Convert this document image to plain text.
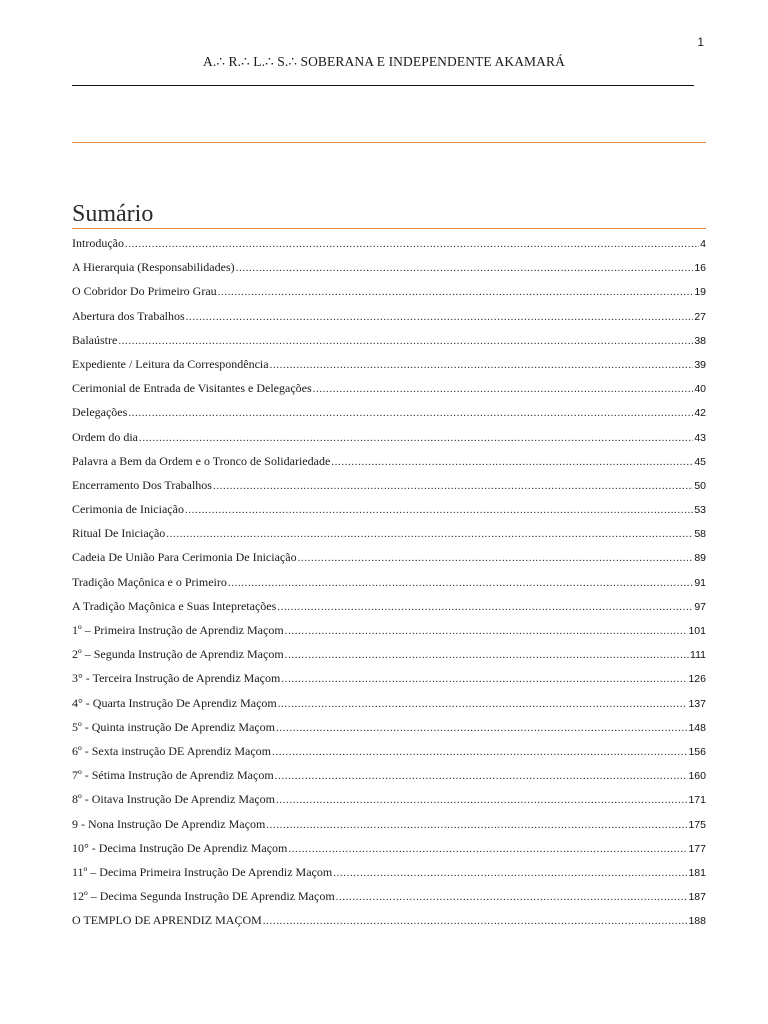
1
A.∴ R.∴ L.∴ S.∴ SOBERANA E INDEPENDENTE AKAMARÁ
Sumário
Introdução .....	4
A Hierarquia (Responsabilidades) .....	16
O Cobridor Do Primeiro Grau .....	19
Abertura dos Trabalhos .....	27
Balaústre .....	38
Expediente / Leitura da Correspondência .....	39
Cerimonial de Entrada de Visitantes e Delegações .....	40
Delegações .....	42
Ordem do dia .....	43
Palavra a Bem da Ordem e o Tronco de Solidariedade .....	45
Encerramento Dos Trabalhos .....	50
Cerimonia de Iniciação .....	53
Ritual De Iniciação .....	58
Cadeia De União Para Cerimonia De Iniciação .....	89
Tradição Maçônica e o Primeiro .....	91
A Tradição Maçônica e Suas Intepretações .....	97
1º – Primeira Instrução de Aprendiz Maçom .....	101
2º – Segunda Instrução de Aprendiz Maçom .....	111
3° - Terceira Instrução de Aprendiz Maçom .....	126
4° - Quarta Instrução De Aprendiz Maçom .....	137
5º - Quinta instrução De Aprendiz Maçom .....	148
6º - Sexta instrução DE Aprendiz Maçom .....	156
7º - Sétima Instrução de Aprendiz Maçom .....	160
8º - Oitava Instrução De Aprendiz Maçom .....	171
9 - Nona Instrução De Aprendiz Maçom .....	175
10° - Decima Instrução De Aprendiz Maçom .....	177
11º – Decima Primeira Instrução De Aprendiz Maçom .....	181
12º – Decima Segunda Instrução DE Aprendiz Maçom .....	187
O TEMPLO DE APRENDIZ MAÇOM .....	188
